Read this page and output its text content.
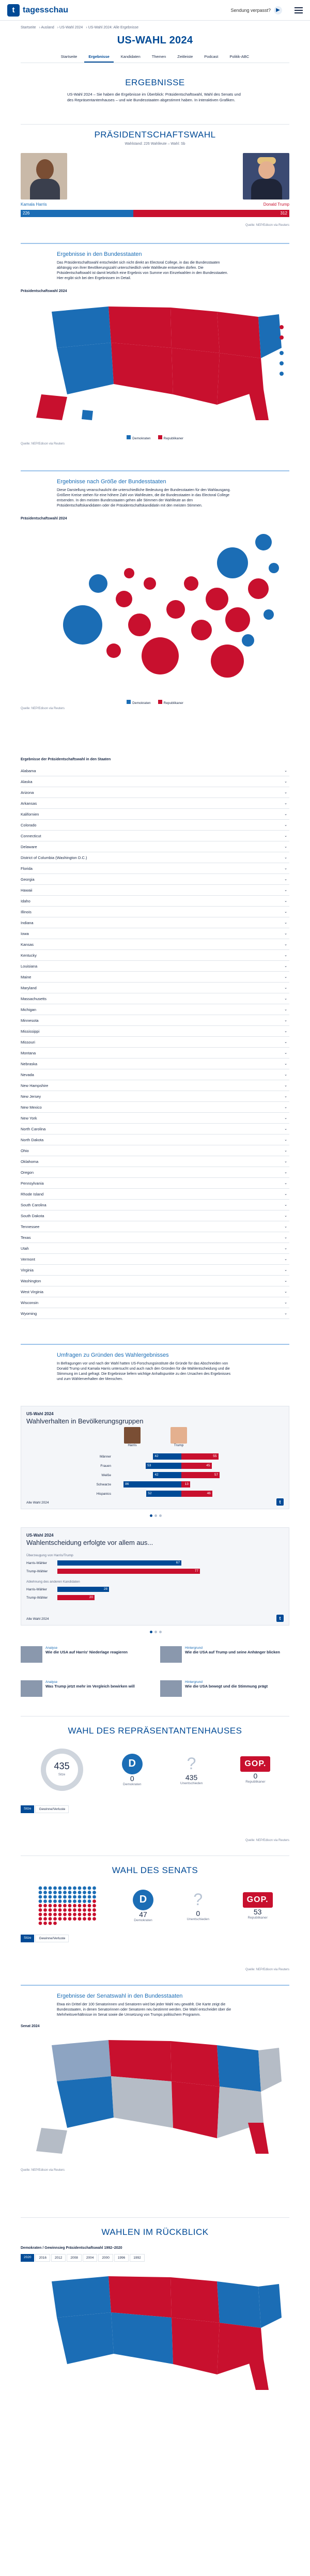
t tagesschau	Sendung verpasst?	▶
Startseite › Ausland › US-Wahl 2024 › US-Wahl 2024: Alle Ergebnisse
US-WAHL 2024
Startseite	Ergebnisse	Kandidaten	Themen	Zeitleiste	Podcast	Politik-ABC
ERGEBNISSE
US-Wahl 2024 – Sie haben die Ergebnisse im Überblick: Präsidentschaftswahl, Wahl des Senats und des Repräsentantenhauses – und wie Bundesstaaten abgestimmt haben. In interaktiven Grafiken.
PRÄSIDENTSCHAFTSWAHL
Wahlstand: 226 Wahlleute – Wahl: Sb
Kamala Harris	Donald Trump
226	312
Quelle: NEP/Edison via Reuters
Ergebnisse in den Bundesstaaten
Das Präsidentschaftswahl entscheidet sich nicht direkt an Electoral College, in das die Bundesstaaten abhängig von ihrer Bevölkerungszahl unterschiedlich viele Wahlleute entsenden dürfen. Die Präsidentschaftswahl ist damit letztlich eine Ergebnis von Summe von Einzelwahlen in den Bundesstaaten. Hier ergibt sich bei den Ergebnissen im Detail.
Präsidentschaftswahl 2024
Demokraten	Republikaner
Quelle: NEP/Edison via Reuters
Ergebnisse nach Größe der Bundesstaaten
Diese Darstellung veranschaulicht die unterschiedliche Bedeutung der Bundesstaaten für den Wahlausgang. Größere Kreise stehen für eine höhere Zahl von Wahlleuten, die die Bundesstaaten in das Electoral College entsenden. In den meisten Bundesstaaten gehen alle Stimmen der Wahlleute an den Präsidentschaftskandidaten oder die Präsidentschaftskandidatin mit den meisten Stimmen.
Präsidentschaftswahl 2024
Demokraten	Republikaner
Quelle: NEP/Edison via Reuters
Ergebnisse der Präsidentschaftswahl in den Staaten
Alabama	⌄
Alaska	⌄
Arizona	⌄
Arkansas	⌄
Kalifornien	⌄
Colorado	⌄
Connecticut	⌄
Delaware	⌄
District of Columbia (Washington D.C.)	⌄
Florida	⌄
Georgia	⌄
Hawaii	⌄
Idaho	⌄
Illinois	⌄
Indiana	⌄
Iowa	⌄
Kansas	⌄
Kentucky	⌄
Louisiana	⌄
Maine	⌄
Maryland	⌄
Massachusetts	⌄
Michigan	⌄
Minnesota	⌄
Mississippi	⌄
Missouri	⌄
Montana	⌄
Nebraska	⌄
Nevada	⌄
New Hampshire	⌄
New Jersey	⌄
New Mexico	⌄
New York	⌄
North Carolina	⌄
North Dakota	⌄
Ohio	⌄
Oklahoma	⌄
Oregon	⌄
Pennsylvania	⌄
Rhode Island	⌄
South Carolina	⌄
South Dakota	⌄
Tennessee	⌄
Texas	⌄
Utah	⌄
Vermont	⌄
Virginia	⌄
Washington	⌄
West Virginia	⌄
Wisconsin	⌄
Wyoming	⌄
Umfragen zu Gründen des Wahlergebnisses
In Befragungen vor und nach der Wahl hatten US-Forschungsinstitute die Gründe für das Abschneiden von Donald Trump und Kamala Harris untersucht und auch nach den Gründen für die Wahlentscheidung und die Stimmung im Land gefragt. Die Ergebnisse liefern wichtige Anhaltspunkte zu den Ursachen des Ergebnisses und zum Wählerverhalten der Menschen.
US-Wahl 2024
Wahlverhalten in Bevölkerungsgruppen
Harris	Trump
Männer	42	55
Frauen	53	45
Weiße	42	57
Schwarze	86	13
Hispanics	52	46
Alle Wahl 2024	t
US-Wahl 2024
Wahlentscheidung erfolgte vor allem aus...
Überzeugung von Harris/Trump
Harris-Wähler	67
Trump-Wähler	77
Ablehnung des anderen Kandidaten
Harris-Wähler	28
Trump-Wähler	20
Alle Wahl 2024	t
Analyse
Wie die USA auf Harris' Niederlage reagieren
Hintergrund
Wie die USA auf Trump und seine Anhänger blicken
Analyse
Was Trump jetzt mehr im Vergleich bewirken will
Hintergrund
Wie die USA bewegt und die Stimmung prägt
WAHL DES REPRÄSENTANTENHAUSES
435
Sitze
D
0
Demokraten
?
435
Unentschieden
GOP.
0
Republikaner
Sitze	Gewinne/Verluste
Quelle: NEP/Edison via Reuters
WAHL DES SENATS
D
47
Demokraten
?
0
Unentschieden
GOP.
53
Republikaner
Sitze	Gewinne/Verluste
Quelle: NEP/Edison via Reuters
Ergebnisse der Senatswahl in den Bundesstaaten
Etwa ein Drittel der 100 Senatorinnen und Senatoren wird bei jeder Wahl neu gewählt. Die Karte zeigt die Bundesstaaten, in denen Senatorinnen oder Senatoren neu bestimmt werden. Die Wahl entscheidet über die Mehrheitsverhältnisse im Senat sowie die Umsetzung von Trumps politischem Programm.
Senat 2024
Quelle: NEP/Edison via Reuters
WAHLEN IM RÜCKBLICK
Demokraten / Gewinnsieg Präsidentschaftswahl 1992–2020
2020	2016	2012	2008	2004	2000	1996	1992
